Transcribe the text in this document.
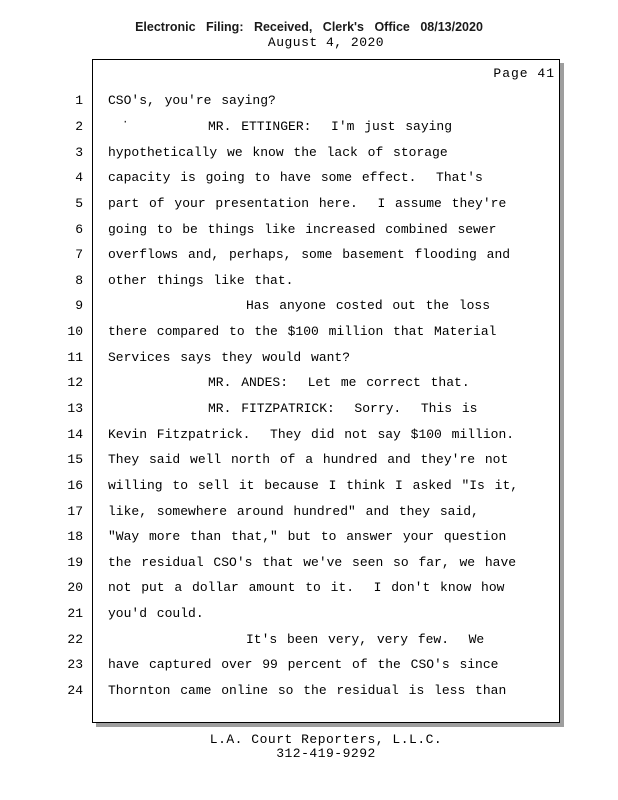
Electronic Filing: Received, Clerk's Office 08/13/2020
August 4, 2020
Page 41
1 CSO's, you're saying?
2	·	MR. ETTINGER:  I'm just saying
3 hypothetically we know the lack of storage
4 capacity is going to have some effect.  That's
5 part of your presentation here.  I assume they're
6 going to be things like increased combined sewer
7 overflows and, perhaps, some basement flooding and
8 other things like that.
9	Has anyone costed out the loss
10 there compared to the $100 million that Material
11 Services says they would want?
12	MR. ANDES:  Let me correct that.
13	MR. FITZPATRICK:  Sorry.  This is
14 Kevin Fitzpatrick.  They did not say $100 million.
15 They said well north of a hundred and they're not
16 willing to sell it because I think I asked "Is it,
17 like, somewhere around hundred" and they said,
18 "Way more than that," but to answer your question
19 the residual CSO's that we've seen so far, we have
20 not put a dollar amount to it.  I don't know how
21 you'd could.
22	It's been very, very few.  We
23 have captured over 99 percent of the CSO's since
24 Thornton came online so the residual is less than
L.A. Court Reporters, L.L.C.
312-419-9292
